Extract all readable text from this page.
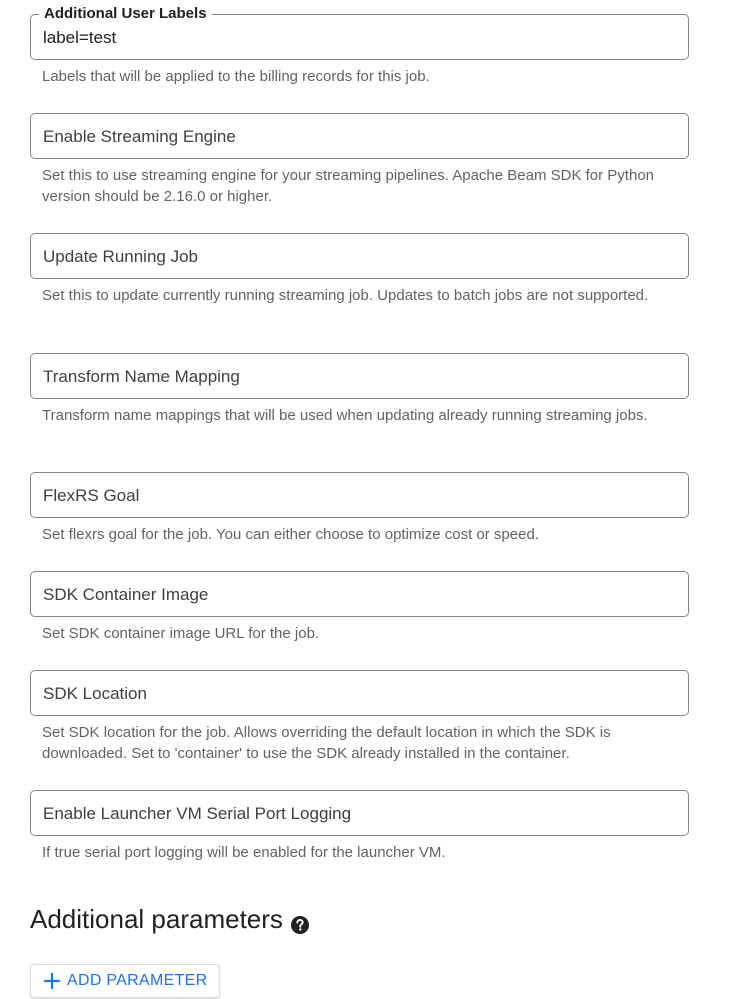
Additional User Labels
label=test
Labels that will be applied to the billing records for this job.
Enable Streaming Engine
Set this to use streaming engine for your streaming pipelines. Apache Beam SDK for Python version should be 2.16.0 or higher.
Update Running Job
Set this to update currently running streaming job. Updates to batch jobs are not supported.
Transform Name Mapping
Transform name mappings that will be used when updating already running streaming jobs.
FlexRS Goal
Set flexrs goal for the job. You can either choose to optimize cost or speed.
SDK Container Image
Set SDK container image URL for the job.
SDK Location
Set SDK location for the job. Allows overriding the default location in which the SDK is downloaded. Set to 'container' to use the SDK already installed in the container.
Enable Launcher VM Serial Port Logging
If true serial port logging will be enabled for the launcher VM.
Additional parameters
ADD PARAMETER
